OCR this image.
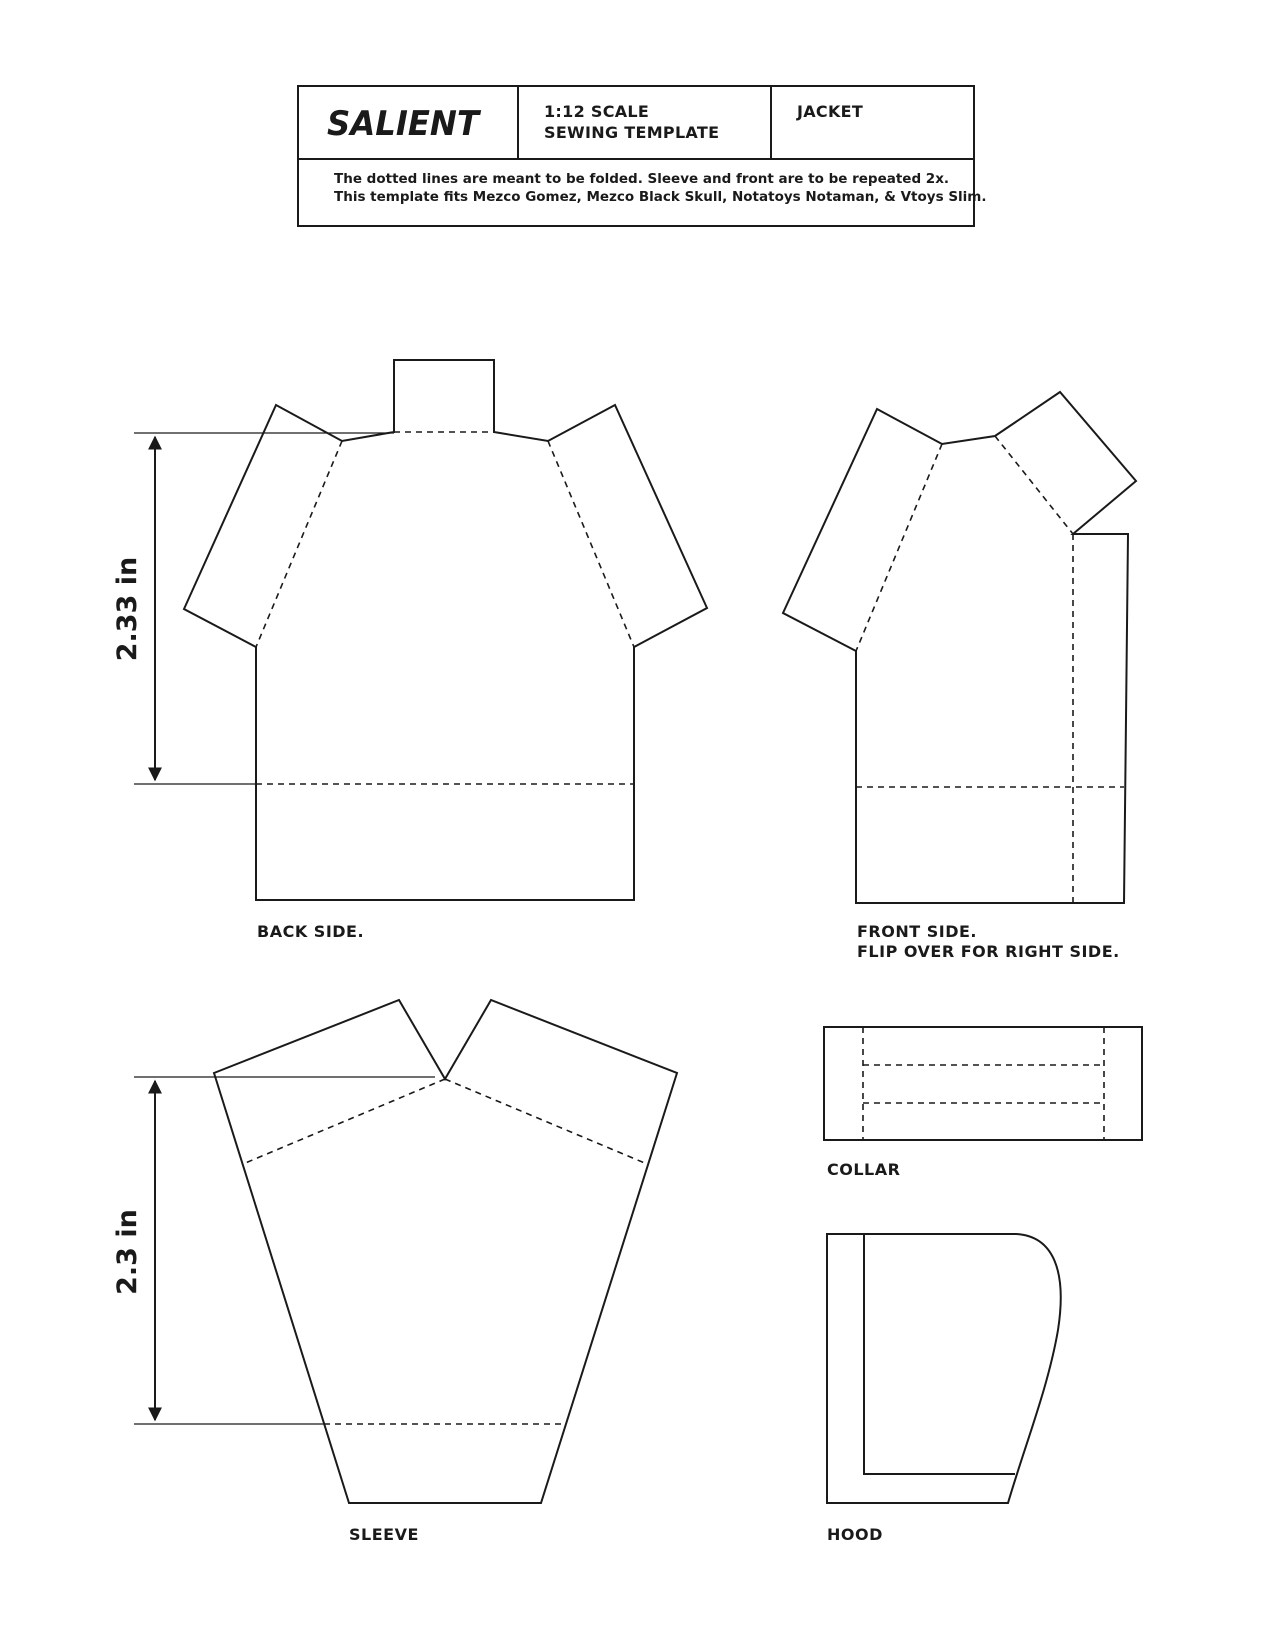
SALIENT	1:12 SCALE
SEWING TEMPLATE
JACKET
The dotted lines are meant to be folded. Sleeve and front are to be repeated 2x.
This template fits Mezco Gomez, Mezco Black Skull, Notatoys Notaman, & Vtoys Slim.
2.33 in
2.3 in
BACK SIDE.	FRONT SIDE.
FLIP OVER FOR RIGHT SIDE.
SLEEVE
COLLAR
HOOD
